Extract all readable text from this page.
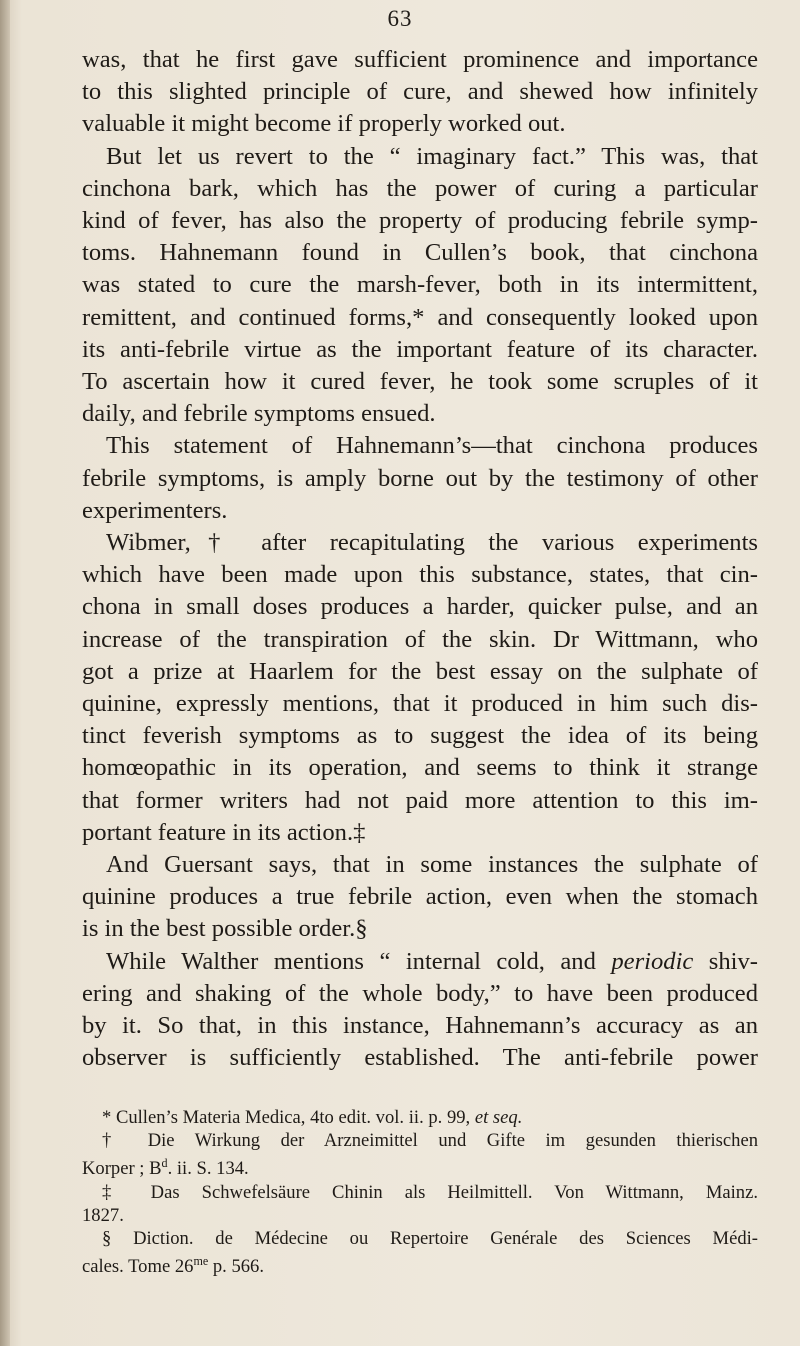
63
was, that he first gave sufficient prominence and importance
to this slighted principle of cure, and shewed how infinitely
valuable it might become if properly worked out.
But let us revert to the “ imaginary fact.” This was, that
cinchona bark, which has the power of curing a particular
kind of fever, has also the property of producing febrile symp-
toms. Hahnemann found in Cullen’s book, that cinchona
was stated to cure the marsh-fever, both in its intermittent,
remittent, and continued forms,* and consequently looked upon
its anti-febrile virtue as the important feature of its character.
To ascertain how it cured fever, he took some scruples of it
daily, and febrile symptoms ensued.
This statement of Hahnemann’s—that cinchona produces
febrile symptoms, is amply borne out by the testimony of other
experimenters.
Wibmer,† after recapitulating the various experiments
which have been made upon this substance, states, that cin-
chona in small doses produces a harder, quicker pulse, and an
increase of the transpiration of the skin. Dr Wittmann, who
got a prize at Haarlem for the best essay on the sulphate of
quinine, expressly mentions, that it produced in him such dis-
tinct feverish symptoms as to suggest the idea of its being
homœopathic in its operation, and seems to think it strange
that former writers had not paid more attention to this im-
portant feature in its action.‡
And Guersant says, that in some instances the sulphate of
quinine produces a true febrile action, even when the stomach
is in the best possible order.§
While Walther mentions “ internal cold, and periodic shiv-
ering and shaking of the whole body,” to have been produced
by it. So that, in this instance, Hahnemann’s accuracy as an
observer is sufficiently established. The anti-febrile power
* Cullen’s Materia Medica, 4to edit. vol. ii. p. 99, et seq.
† Die Wirkung der Arzneimittel und Gifte im gesunden thierischen
Korper ; $B^d$. ii. S. 134.
‡ Das Schwefelsäure Chinin als Heilmittell. Von Wittmann, Mainz.
1827.
§ Diction. de Médecine ou Repertoire Genérale des Sciences Médi-
cales. Tome $26^{me}$ p. 566.
